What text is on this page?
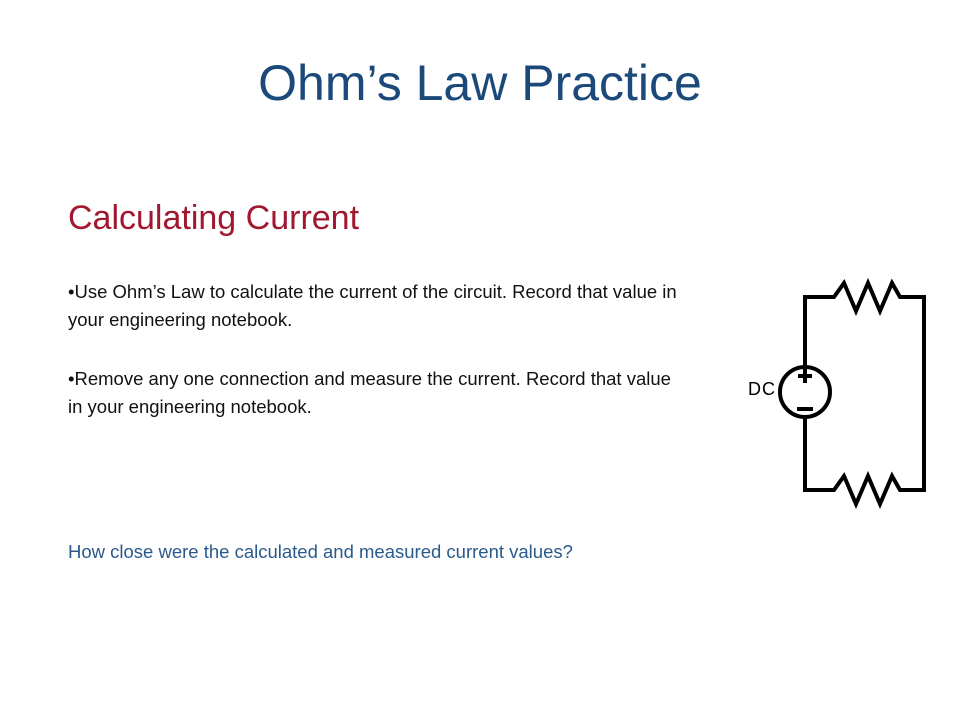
Ohm’s Law Practice
Calculating Current

•Use Ohm’s Law to calculate the current of the circuit. Record that value in your engineering notebook.

•Remove any one connection and measure the current. Record that value in your engineering notebook.

How close were the calculated and measured current values?

DC
